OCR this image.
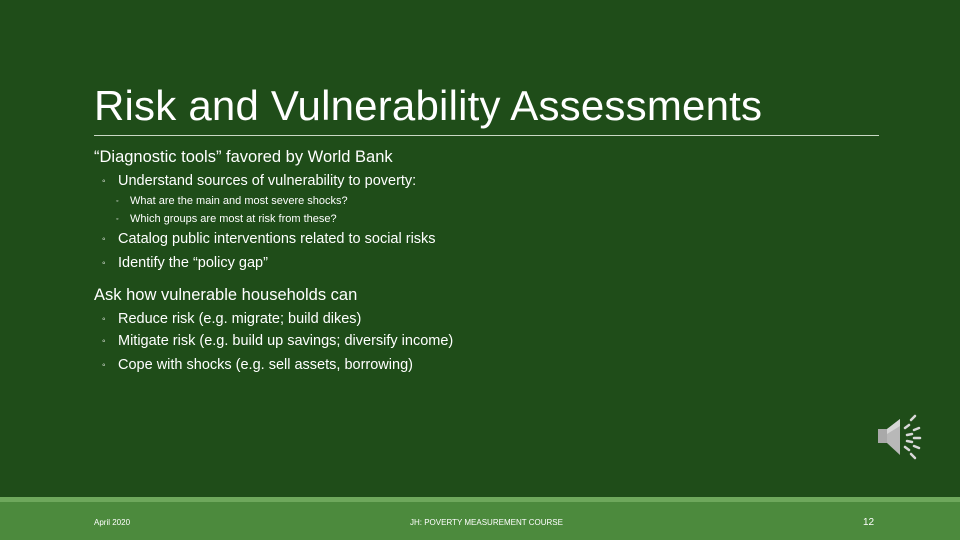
Risk and Vulnerability Assessments

“Diagnostic tools” favored by World Bank

◦ Understand sources of vulnerability to poverty:

◦	What are the main and most severe shocks?

◦	Which groups are most at risk from these?

◦ Catalog public interventions related to social risks

◦ Identify the “policy gap”

Ask how vulnerable households can

◦ Reduce risk (e.g. migrate; build dikes)

◦ Mitigate risk (e.g. build up savings; diversify income)

◦ Cope with shocks (e.g. sell assets, borrowing)

April 2020	JH: POVERTY MEASUREMENT COURSE	12
